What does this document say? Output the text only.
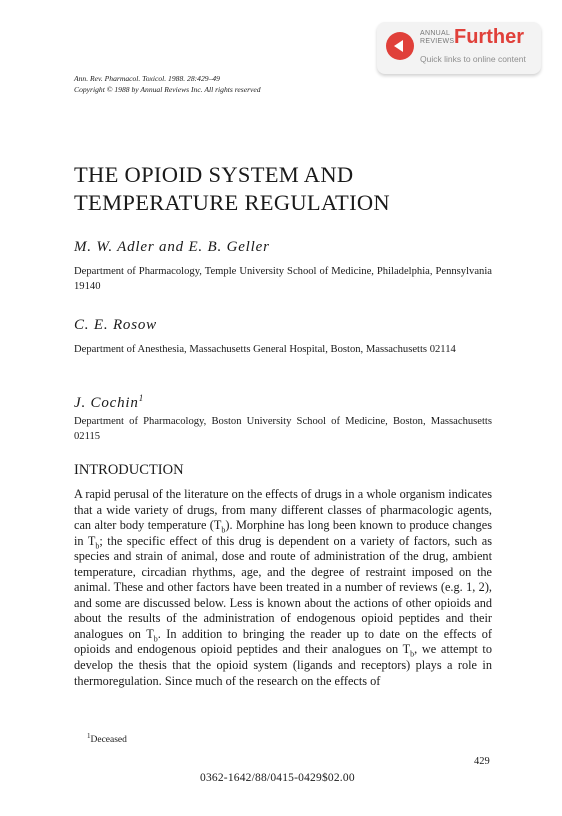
ANNUAL
REVIEWS Further
Quick links to online content
Ann. Rev. Pharmacol. Toxicol. 1988. 28:429–49
Copyright © 1988 by Annual Reviews Inc. All rights reserved
THE OPIOID SYSTEM AND
TEMPERATURE REGULATION
M. W. Adler and E. B. Geller

Department of Pharmacology, Temple University School of Medicine, Philadelphia, Pennsylvania 19140

C. E. Rosow

Department of Anesthesia, Massachusetts General Hospital, Boston, Massachusetts 02114

J. Cochin$^1$

Department of Pharmacology, Boston University School of Medicine, Boston, Massachusetts 02115

INTRODUCTION

A rapid perusal of the literature on the effects of drugs in a whole organism indicates that a wide variety of drugs, from many different classes of pharmacologic agents, can alter body temperature $(T_b)$. Morphine has long been known to produce changes in $T_b$; the specific effect of this drug is dependent on a variety of factors, such as species and strain of animal, dose and route of administration of the drug, ambient temperature, circadian rhythms, age, and the degree of restraint imposed on the animal. These and other factors have been treated in a number of reviews (e.g. 1, 2), and some are discussed below. Less is known about the actions of other opioids and about the results of the administration of endogenous opioid peptides and their analogues on $T_b$. In addition to bringing the reader up to date on the effects of opioids and endogenous opioid peptides and their analogues on $T_b$, we attempt to develop the thesis that the opioid system (ligands and receptors) plays a role in thermoregulation. Since much of the research on the effects of

$^1$Deceased
429
0362-1642/88/0415-0429$02.00
